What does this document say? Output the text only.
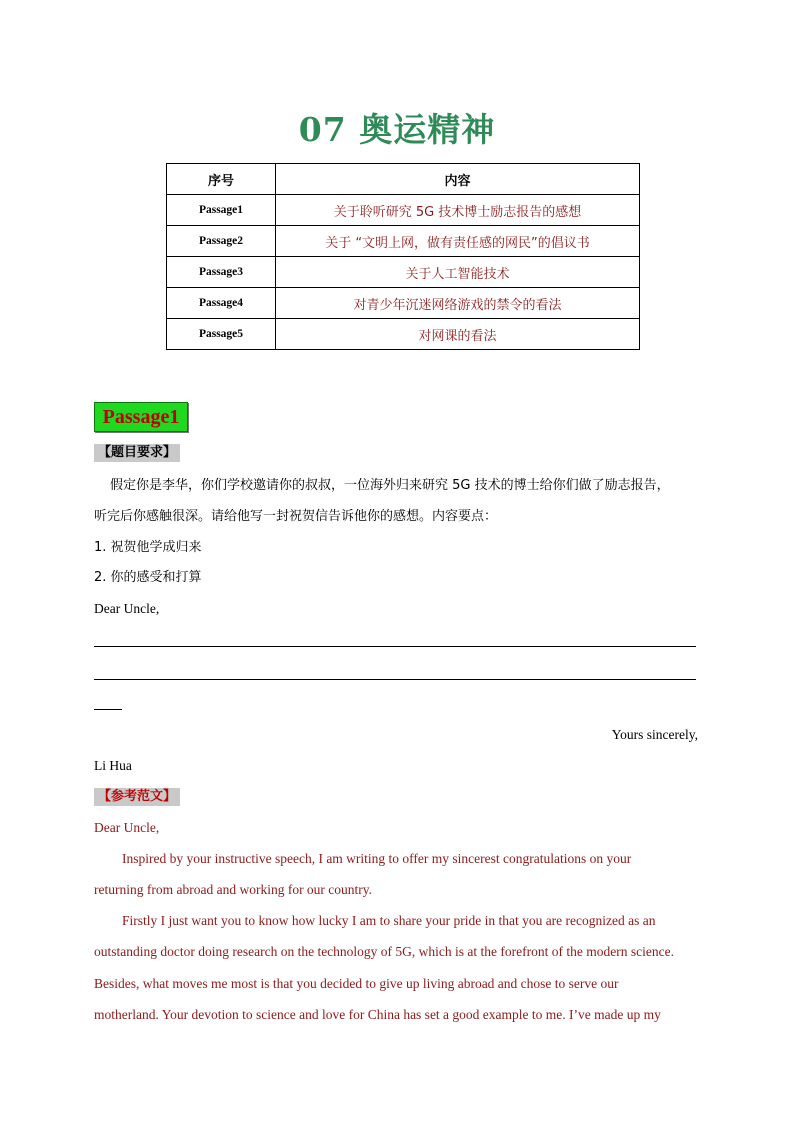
07 奥运精神
序号	内容
Passage1	关于聆听研究 5G 技术博士励志报告的感想
Passage2	关于 “文明上网，做有责任感的网民”的倡议书
Passage3	关于人工智能技术
Passage4	对青少年沉迷网络游戏的禁令的看法
Passage5	对网课的看法
Passage1
【题目要求】
假定你是李华，你们学校邀请你的叔叔，一位海外归来研究 5G 技术的博士给你们做了励志报告，
听完后你感触很深。请给他写一封祝贺信告诉他你的感想。内容要点：
1. 祝贺他学成归来
2. 你的感受和打算
Dear Uncle,
Yours sincerely,
Li Hua
【参考范文】
Dear Uncle,
Inspired by your instructive speech, I am writing to offer my sincerest congratulations on your
returning from abroad and working for our country.
Firstly I just want you to know how lucky I am to share your pride in that you are recognized as an
outstanding doctor doing research on the technology of 5G, which is at the forefront of the modern science.
Besides, what moves me most is that you decided to give up living abroad and chose to serve our
motherland. Your devotion to science and love for China has set a good example to me. I’ve made up my
